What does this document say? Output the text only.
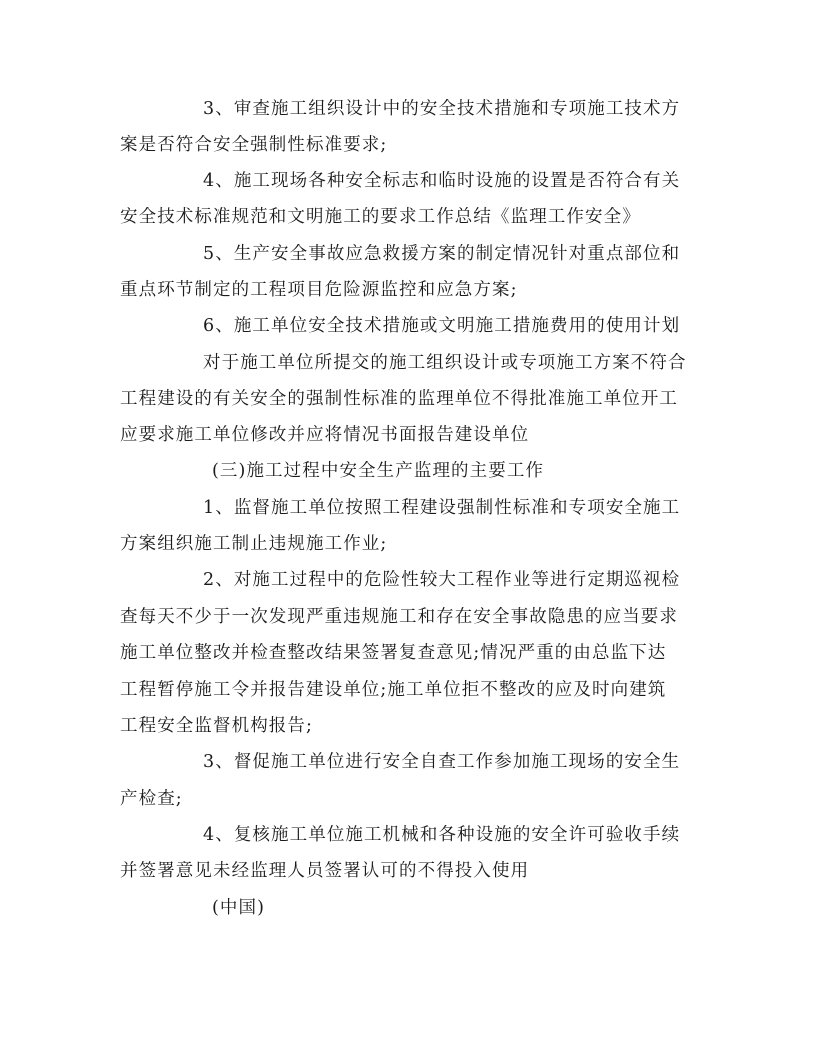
3、审查施工组织设计中的安全技术措施和专项施工技术方
案是否符合安全强制性标准要求;
4、施工现场各种安全标志和临时设施的设置是否符合有关
安全技术标准规范和文明施工的要求工作总结《监理工作安全》
5、生产安全事故应急救援方案的制定情况针对重点部位和
重点环节制定的工程项目危险源监控和应急方案;
6、施工单位安全技术措施或文明施工措施费用的使用计划
对于施工单位所提交的施工组织设计或专项施工方案不符合
工程建设的有关安全的强制性标准的监理单位不得批准施工单位开工
应要求施工单位修改并应将情况书面报告建设单位
(三)施工过程中安全生产监理的主要工作
1、监督施工单位按照工程建设强制性标准和专项安全施工
方案组织施工制止违规施工作业;
2、对施工过程中的危险性较大工程作业等进行定期巡视检
查每天不少于一次发现严重违规施工和存在安全事故隐患的应当要求
施工单位整改并检查整改结果签署复查意见;情况严重的由总监下达
工程暂停施工令并报告建设单位;施工单位拒不整改的应及时向建筑
工程安全监督机构报告;
3、督促施工单位进行安全自查工作参加施工现场的安全生
产检查;
4、复核施工单位施工机械和各种设施的安全许可验收手续
并签署意见未经监理人员签署认可的不得投入使用
(中国)
